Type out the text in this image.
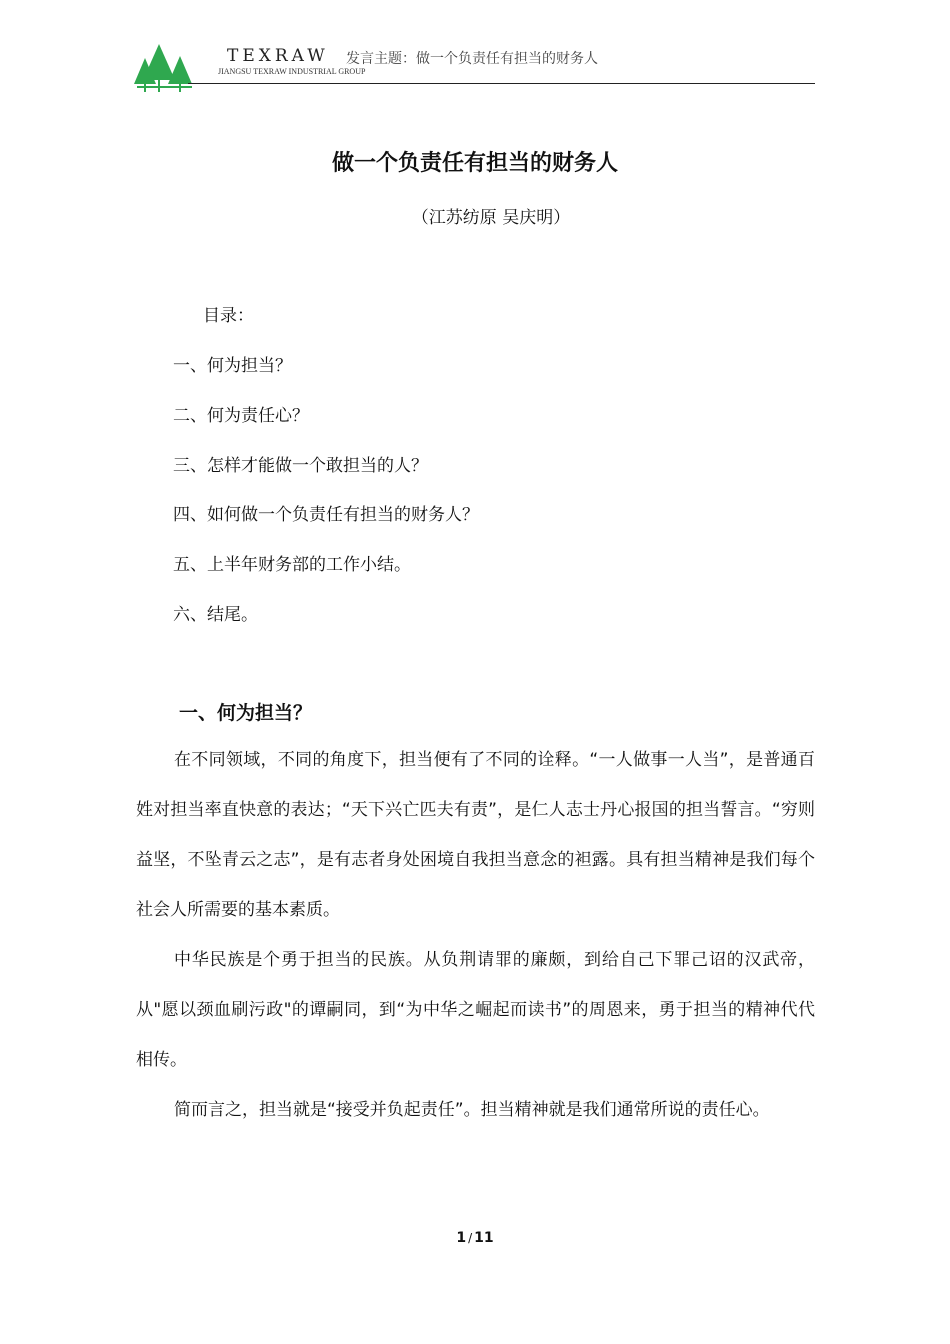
TEXRAW
JIANGSU TEXRAW INDUSTRIAL GROUP
发言主题：做一个负责任有担当的财务人
做一个负责任有担当的财务人
（江苏纺原 吴庆明）
目录：
一、何为担当？
二、何为责任心？
三、怎样才能做一个敢担当的人？
四、如何做一个负责任有担当的财务人？
五、上半年财务部的工作小结。
六、结尾。
一、何为担当？

在不同领域，不同的角度下，担当便有了不同的诠释。“一人做事一人当”，是普通百姓对担当率直快意的表达；“天下兴亡匹夫有责”，是仁人志士丹心报国的担当誓言。“穷则益坚，不坠青云之志”，是有志者身处困境自我担当意念的袒露。具有担当精神是我们每个社会人所需要的基本素质。

中华民族是个勇于担当的民族。从负荆请罪的廉颇，到给自己下罪己诏的汉武帝，从"愿以颈血刷污政"的谭嗣同，到“为中华之崛起而读书”的周恩来，勇于担当的精神代代相传。

简而言之，担当就是“接受并负起责任”。担当精神就是我们通常所说的责任心。

1 / 11
